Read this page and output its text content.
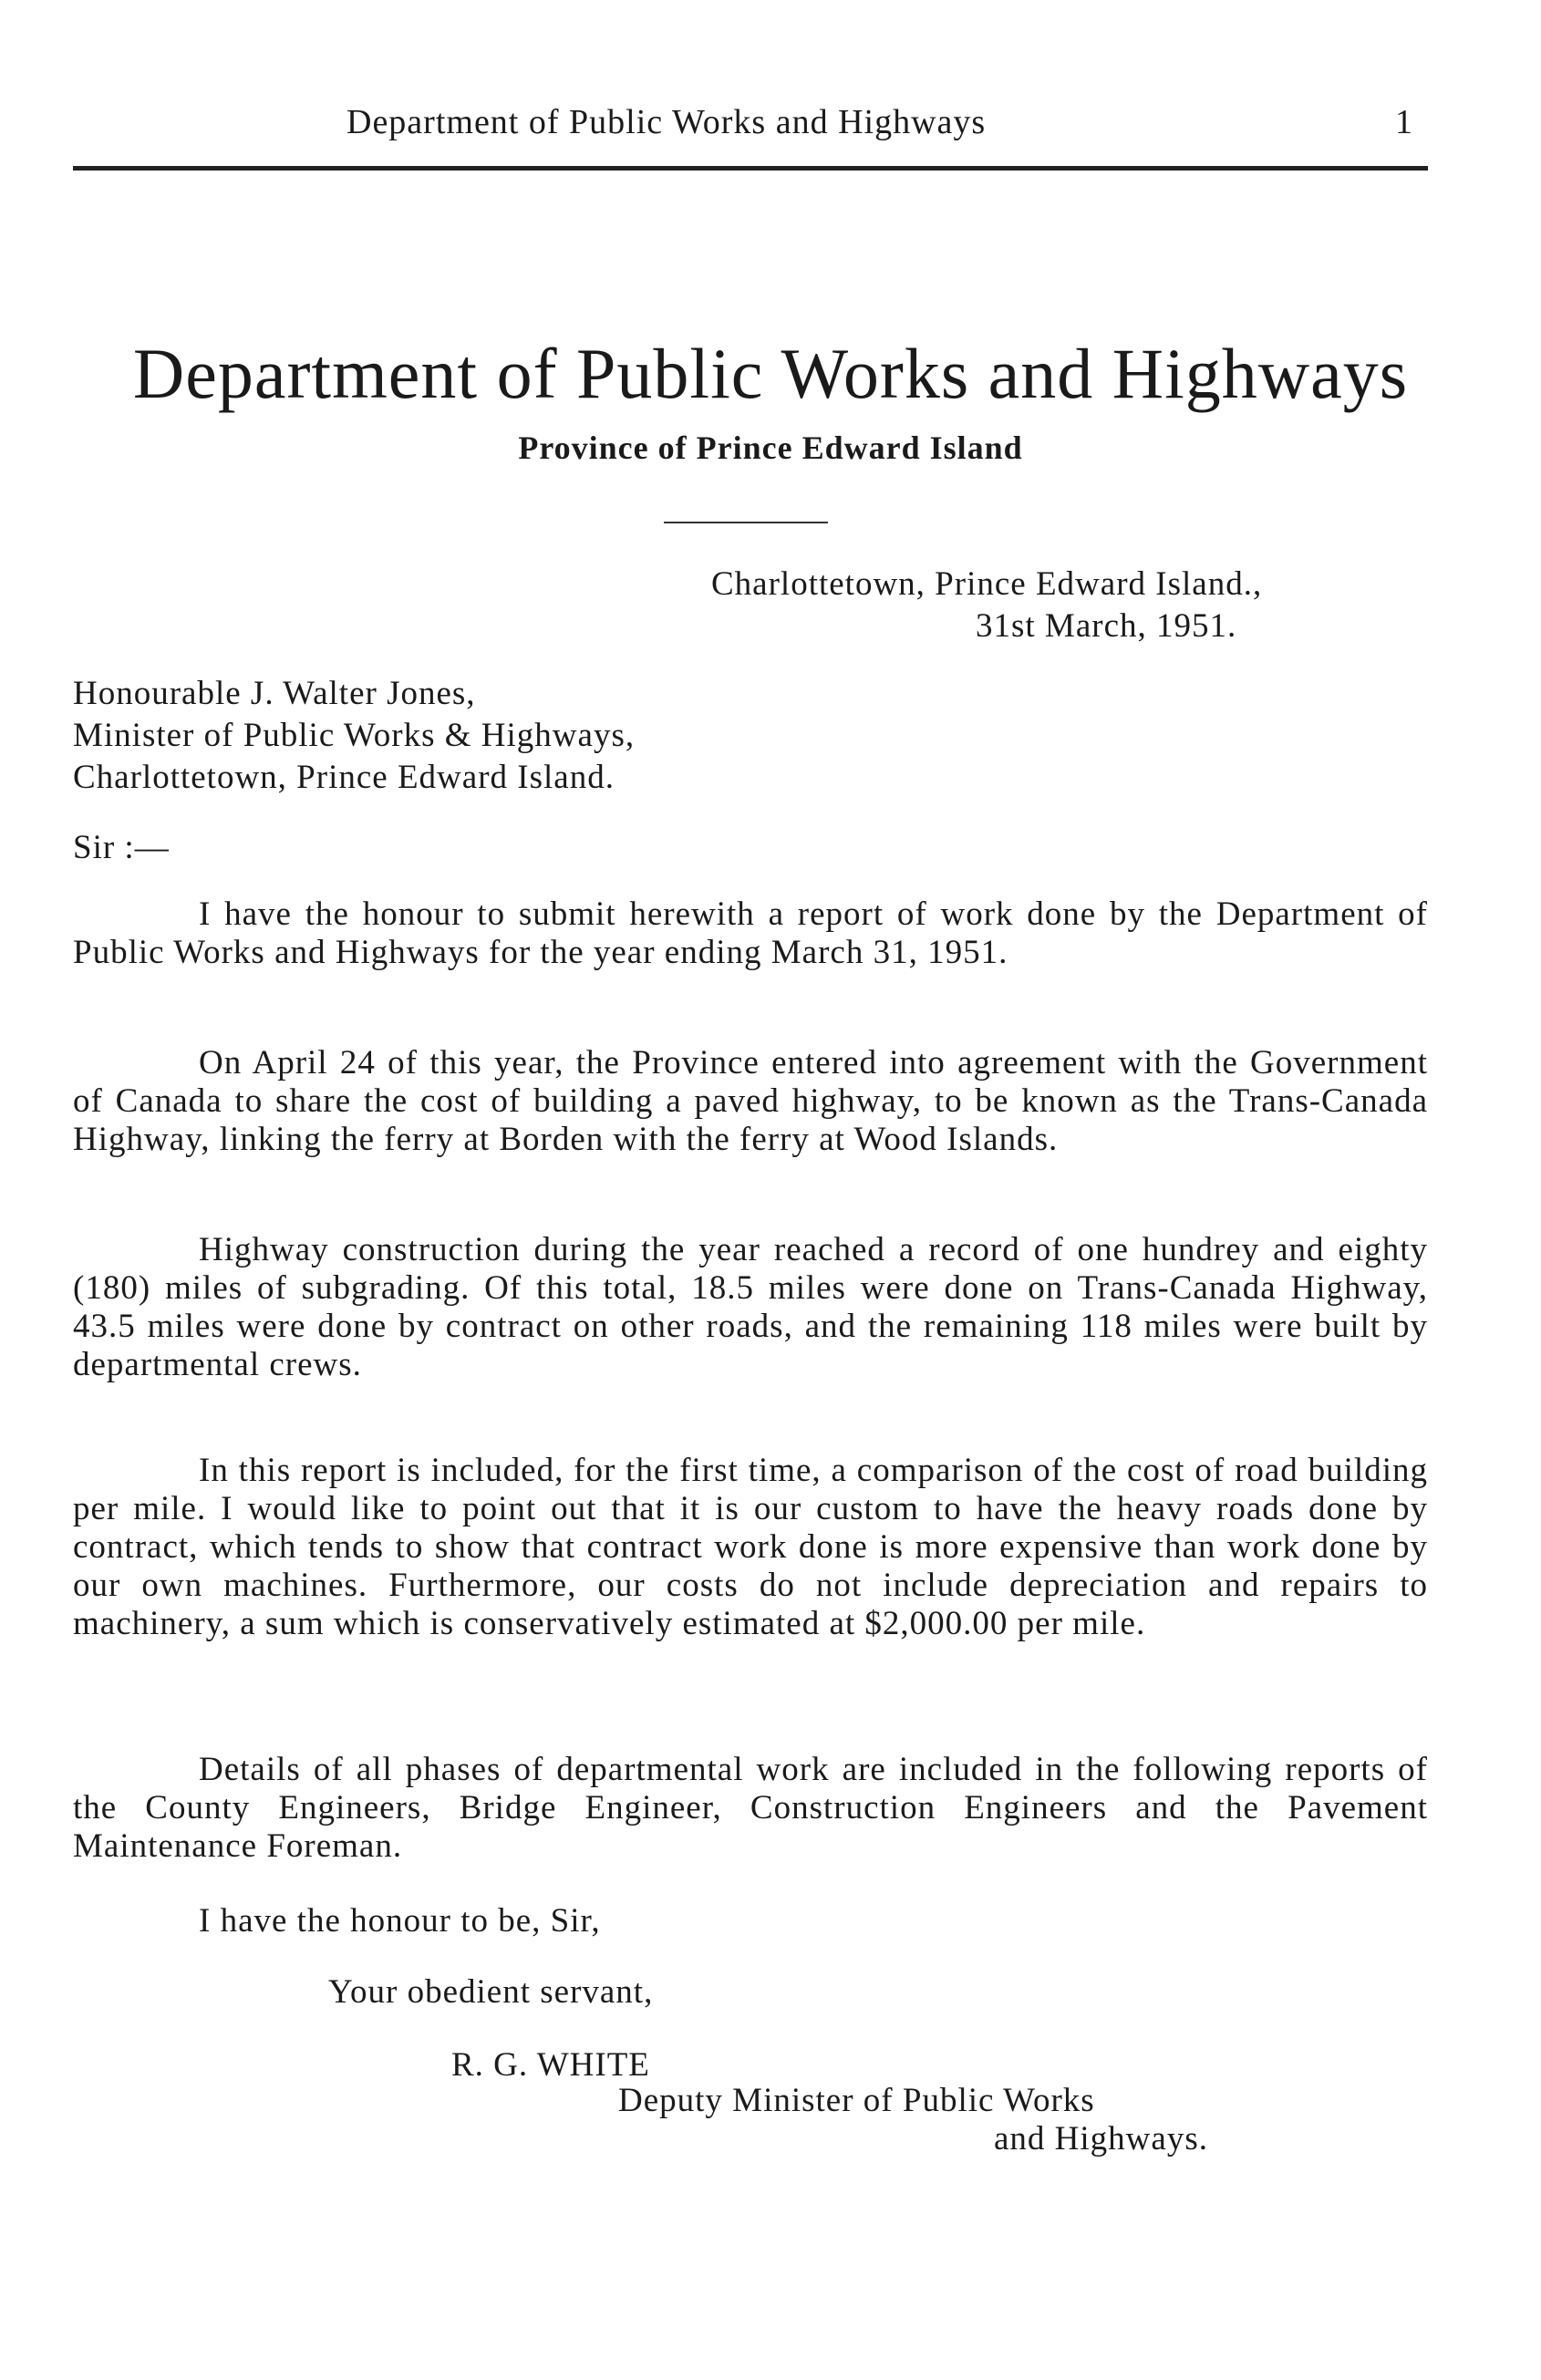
Department of Public Works and Highways	1
Department of Public Works and Highways
Province of Prince Edward Island
Charlottetown, Prince Edward Island.,
31st March, 1951.
Honourable J. Walter Jones,
Minister of Public Works & Highways,
Charlottetown, Prince Edward Island.
Sir :—

I have the honour to submit herewith a report of work done by the Department of Public Works and Highways for the year ending March 31, 1951.

On April 24 of this year, the Province entered into agreement with the Government of Canada to share the cost of building a paved highway, to be known as the Trans-Canada Highway, linking the ferry at Borden with the ferry at Wood Islands.

Highway construction during the year reached a record of one hundrey and eighty (180) miles of subgrading. Of this total, 18.5 miles were done on Trans-Canada Highway, 43.5 miles were done by contract on other roads, and the remaining 118 miles were built by departmental crews.

In this report is included, for the first time, a comparison of the cost of road building per mile. I would like to point out that it is our custom to have the heavy roads done by contract, which tends to show that contract work done is more expensive than work done by our own machines. Furthermore, our costs do not include depreciation and repairs to machinery, a sum which is conservatively estimated at $2,000.00 per mile.

Details of all phases of departmental work are included in the following reports of the County Engineers, Bridge Engineer, Construction Engineers and the Pavement Maintenance Foreman.

I have the honour to be, Sir,
Your obedient servant,
R. G. WHITE
Deputy Minister of Public Works
and Highways.
